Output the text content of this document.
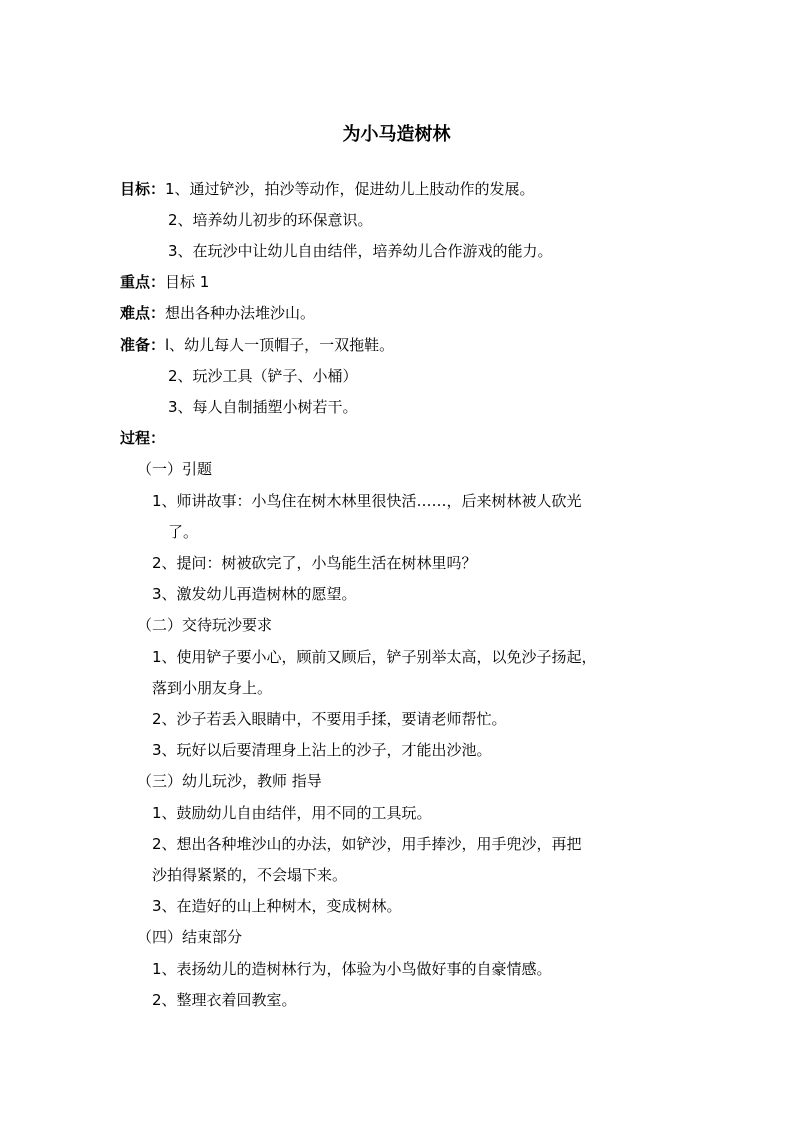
为小马造树林
目标：1、通过铲沙，拍沙等动作，促进幼儿上肢动作的发展。
2、培养幼儿初步的环保意识。
3、在玩沙中让幼儿自由结伴，培养幼儿合作游戏的能力。
重点：目标 1
难点：想出各种办法堆沙山。
准备：l、幼儿每人一顶帽子，一双拖鞋。
2、玩沙工具（铲子、小桶）
3、每人自制插塑小树若干。
过程：
（一）引题
1、师讲故事：小鸟住在树木林里很快活……，后来树林被人砍光
了。
2、提问：树被砍完了，小鸟能生活在树林里吗？
3、激发幼儿再造树林的愿望。
（二）交待玩沙要求
1、使用铲子要小心，顾前又顾后，铲子别举太高，以免沙子扬起，
落到小朋友身上。
2、沙子若丢入眼睛中，不要用手揉，要请老师帮忙。
3、玩好以后要清理身上沾上的沙子，才能出沙池。
（三）幼儿玩沙，教师 指导
1、鼓励幼儿自由结伴，用不同的工具玩。
2、想出各种堆沙山的办法，如铲沙，用手捧沙，用手兜沙，再把
沙拍得紧紧的，不会塌下来。
3、在造好的山上种树木，变成树林。
（四）结束部分
1、表扬幼儿的造树林行为，体验为小鸟做好事的自豪情感。
2、整理衣着回教室。
